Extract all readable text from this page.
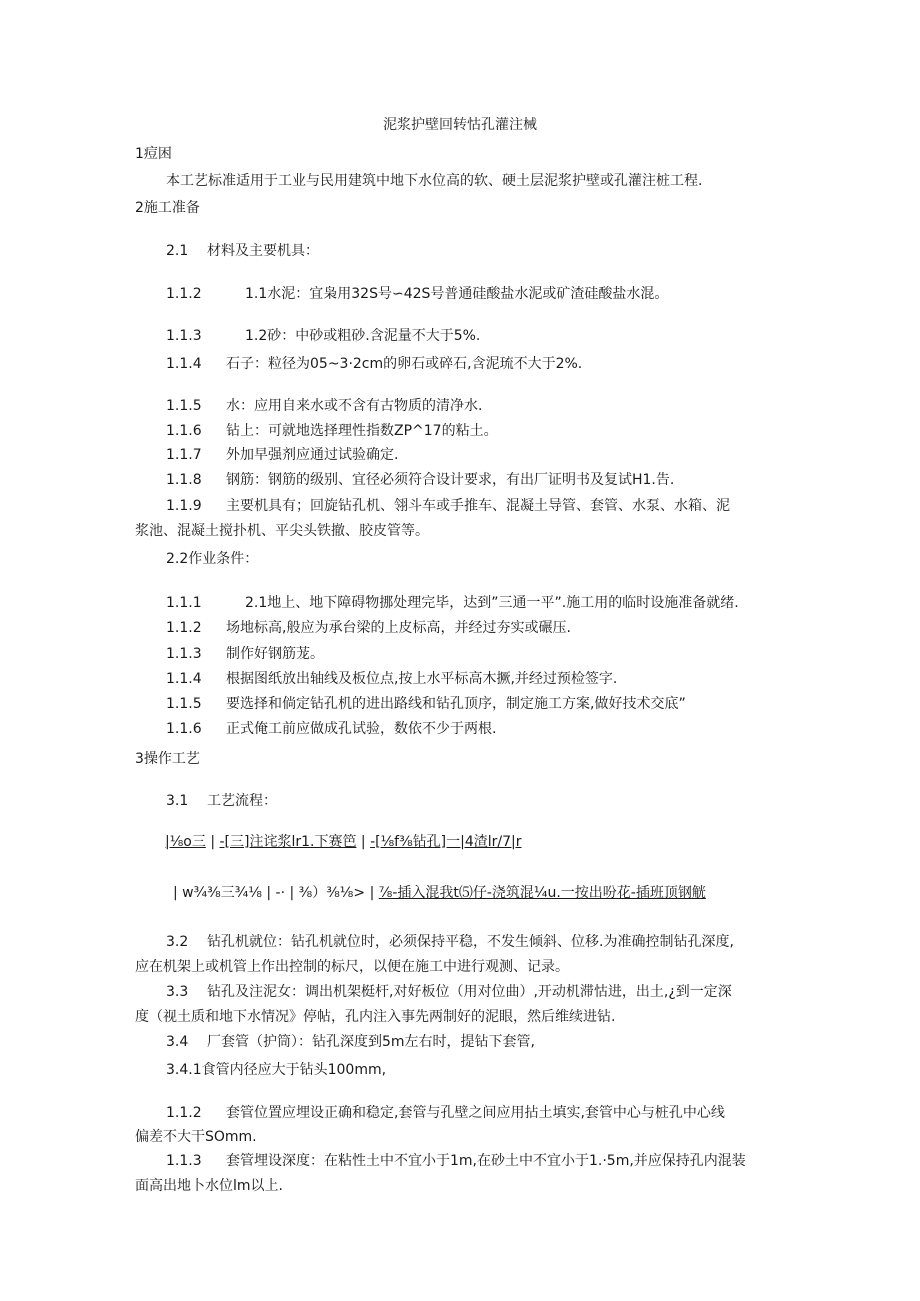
泥浆护壁回转怙孔灌注械
1痘困
本工艺标准适用于工业与民用建筑中地下水位高的软、硬土层泥浆护壁或孔灌注桩工程.
2施工准备
2.1 材料及主要机具：
1.1.2	1.1水泥：宜枭用32S号∽42S号普通硅酸盐水泥或矿渣硅酸盐水混。
1.1.3	1.2砂：中砂或粗砂.含泥量不大于5%.
1.1.4 石子：粒径为05~3·2cm的卵石或碎石,含泥琉不大于2%.
1.1.5 水：应用自来水或不含有古物质的清净水.
1.1.6 钻上：可就地选择理性指数ZP^17的粘土。
1.1.7 外加早强剂应通过试验确定.
1.1.8 钢筋：钢筋的级别、宜径必须符合设计要求，有出厂证明书及复试H1.告.
1.1.9 主要机具有；回旋钻孔机、翎斗车或手推车、混凝土导管、套管、水泵、水箱、泥
浆池、混凝土搅扑机、平尖头铁撤、胶皮管等。
2.2作业条件：
1.1.1	2.1地上、地下障碍物挪处理完毕，达到”三通一平”.施工用的临时设施准备就绪.
1.1.2 场地标高,般应为承台梁的上皮标高，并经过夯实或碾压.
1.1.3 制作好钢筋茏。
1.1.4 根据图纸放出轴线及板位点,按上水平标高木撅,并经过预检签字.
1.1.5 要选择和倘定钻孔机的进出路线和钻孔顶序，制定施工方案,做好技术交底”
1.1.6 正式俺工前应做成孔试验，数依不少于两根.
3操作工艺
3.1 工艺流程：
|⅛o三 | -[三]注诧浆lr1.下赛笆 | -[⅛f⅜钻孔]一|4渣lr/7|r
| w¾⅜三¾⅛ | -· | ⅜）⅜⅛> | ⅞-插入混我t⑸仔-浇筑混¼u.一按出吩花-插班顶钢觥
3.2 钻孔机就位：钻孔机就位时，必须保持平稳，不发生倾斜、位移.为准确控制钻孔深度,
应在机架上或机管上作出控制的标尺，以便在施工中进行观测、记录。
3.3 钻孔及注泥女：调出机架梃杆,对好板位（用对位曲）,开动机滞怙进，出土,¿到一定深
度（视土质和地下水情况》停帖，孔内注入事先两制好的泥眼，然后维续进钻.
3.4 厂套管（护筒）：钻孔深度到5m左右时，提钻下套管,
3.4.1食管内径应大于钻头100mm,
1.1.2 套管位置应埋设正确和稳定,套管与孔壁之间应用拈土填实,套管中心与桩孔中心线
偏差不大干SOmm.
1.1.3 套管埋设深度：在粘性土中不宜小于1m,在砂土中不宜小于1.·5m,并应保持孔内混装
面高出地卜水位lm以上.
